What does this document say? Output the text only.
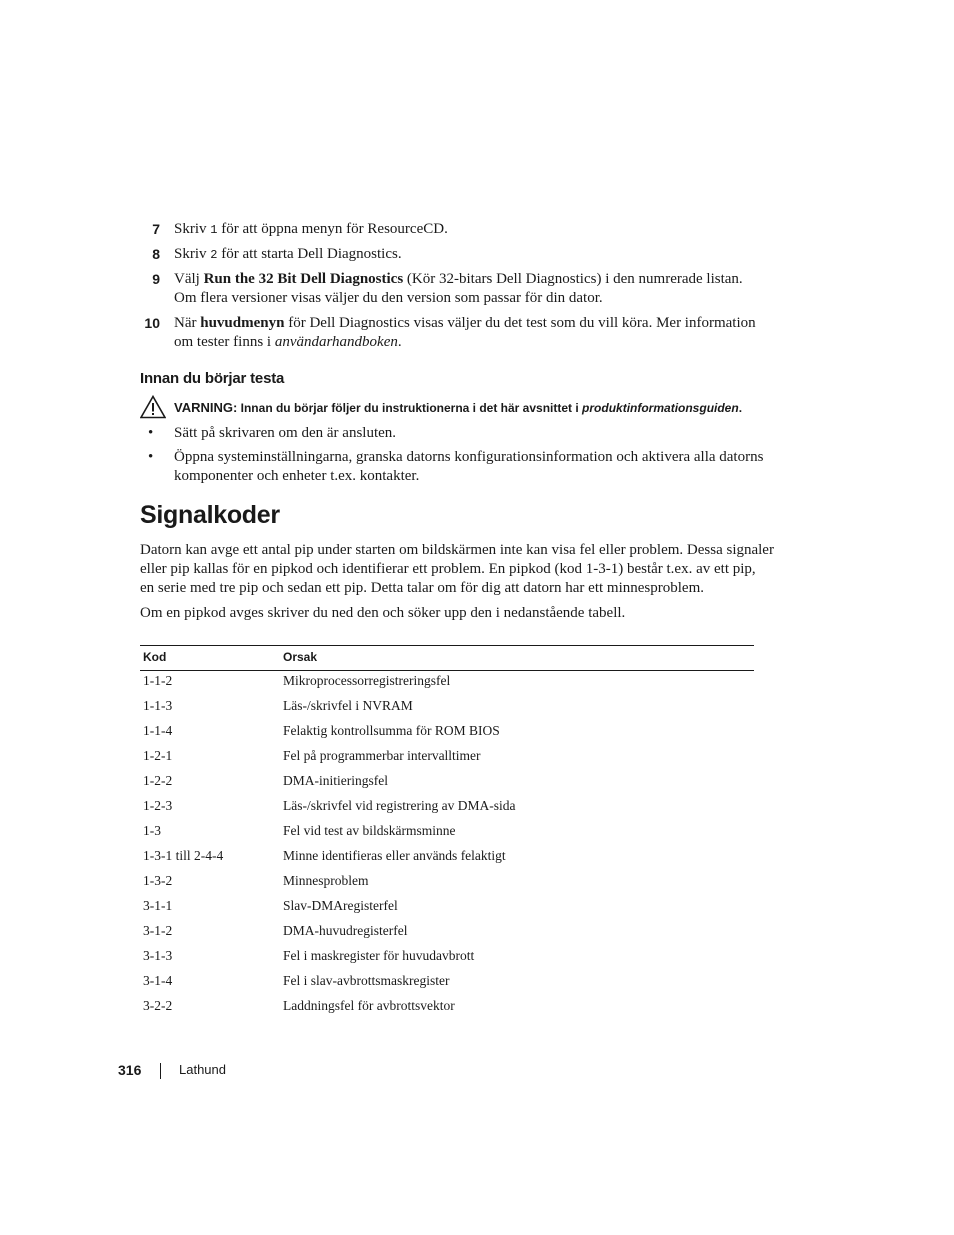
7 Skriv 1 för att öppna menyn för ResourceCD.
8 Skriv 2 för att starta Dell Diagnostics.
9 Välj Run the 32 Bit Dell Diagnostics (Kör 32-bitars Dell Diagnostics) i den numrerade listan.
Om flera versioner visas väljer du den version som passar för din dator.
10 När huvudmenyn för Dell Diagnostics visas väljer du det test som du vill köra. Mer information
om tester finns i användarhandboken.
Innan du börjar testa
VARNING: Innan du börjar följer du instruktionerna i det här avsnittet i produktinformationsguiden.
• Sätt på skrivaren om den är ansluten.
• Öppna systeminställningarna, granska datorns konfigurationsinformation och aktivera alla datorns
komponenter och enheter t.ex. kontakter.
Signalkoder

Datorn kan avge ett antal pip under starten om bildskärmen inte kan visa fel eller problem. Dessa signaler
eller pip kallas för en pipkod och identifierar ett problem. En pipkod (kod 1-3-1) består t.ex. av ett pip,
en serie med tre pip och sedan ett pip. Detta talar om för dig att datorn har ett minnesproblem.

Om en pipkod avges skriver du ned den och söker upp den i nedanstående tabell.

Kod	Orsak
1-1-2	Mikroprocessorregistreringsfel
1-1-3	Läs-/skrivfel i NVRAM
1-1-4	Felaktig kontrollsumma för ROM BIOS
1-2-1	Fel på programmerbar intervalltimer
1-2-2	DMA-initieringsfel
1-2-3	Läs-/skrivfel vid registrering av DMA-sida
1-3	Fel vid test av bildskärmsminne
1-3-1 till 2-4-4	Minne identifieras eller används felaktigt
1-3-2	Minnesproblem
3-1-1	Slav-DMAregisterfel
3-1-2	DMA-huvudregisterfel
3-1-3	Fel i maskregister för huvudavbrott
3-1-4	Fel i slav-avbrottsmaskregister
3-2-2	Laddningsfel för avbrottsvektor
316	Lathund
